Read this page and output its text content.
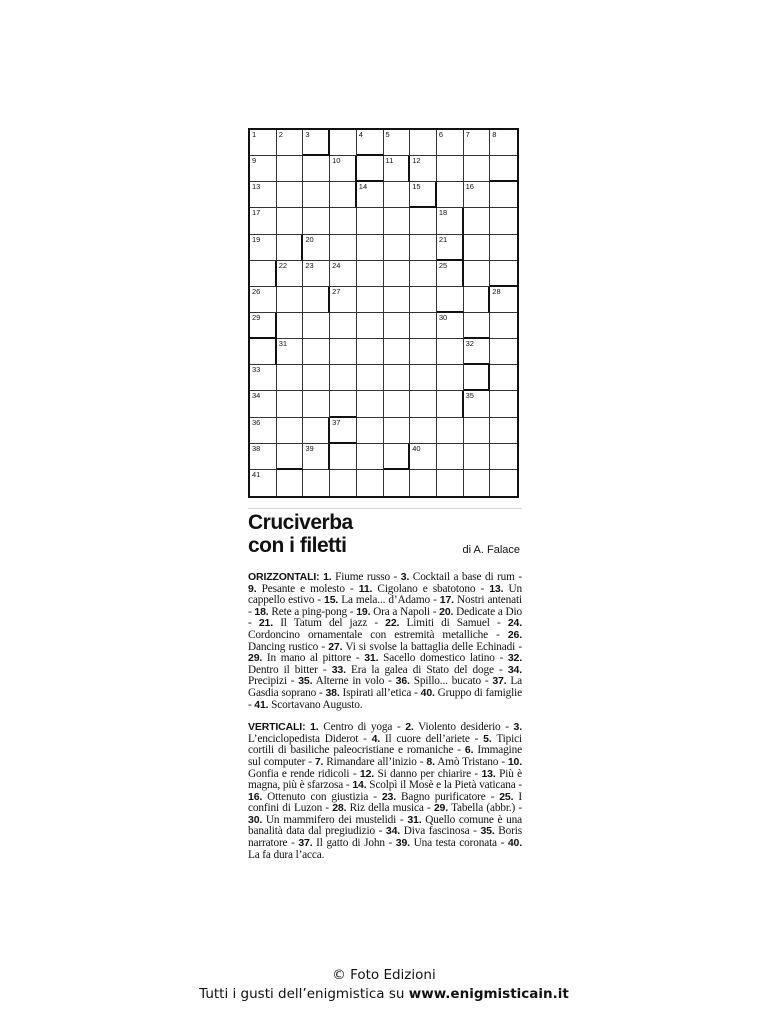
1	2	3	4	5	6	7	8
9	10	11	12
13	14	15	16
17	18
19	20	21
22 23 24	25
26	27	28
29	30
31	32
33
34	35
36	37
38	39	40
41
Cruciverba
con i filetti	di A. Falace

ORIZZONTALI: 1. Fiume russo - 3. Cocktail a base di rum - 9. Pesante e molesto - 11. Cigolano e sbatotono - 13. Un cappello estivo - 15. La mela... d’Adamo - 17. Nostri antenati - 18. Rete a ping-pong - 19. Ora a Napoli - 20. Dedicate a Dio - 21. Il Tatum del jazz - 22. Limiti di Samuel - 24. Cordoncino ornamentale con estremità metalliche - 26. Dancing rustico - 27. Vi si svolse la battaglia delle Echinadi - 29. In mano al pittore - 31. Sacello domestico latino - 32. Dentro il bitter - 33. Era la galea di Stato del doge - 34. Precipizi - 35. Alterne in volo - 36. Spillo... bucato - 37. La Gasdia soprano - 38. Ispirati all’etica - 40. Gruppo di famiglie - 41. Scortavano Augusto.

VERTICALI: 1. Centro di yoga - 2. Violento desiderio - 3. L’enciclopedista Diderot - 4. Il cuore dell’ariete - 5. Tipici cortili di basiliche paleocristiane e romaniche - 6. Immagine sul computer - 7. Rimandare all’inizio - 8. Amò Tristano - 10. Gonfia e rende ridicoli - 12. Si danno per chiarire - 13. Più è magna, più è sfarzosa - 14. Scolpì il Mosè e la Pietà vaticana - 16. Ottenuto con giustizia - 23. Bagno purificatore - 25. I confini di Luzon - 28. Riz della musica - 29. Tabella (abbr.) - 30. Un mammifero dei mustelidi - 31. Quello comune è una banalità data dal pregiudizio - 34. Diva fascinosa - 35. Boris narratore - 37. Il gatto di John - 39. Una testa coronata - 40. La fa dura l’acca.

© Foto Edizioni
Tutti i gusti dell’enigmistica su www.enigmisticain.it
